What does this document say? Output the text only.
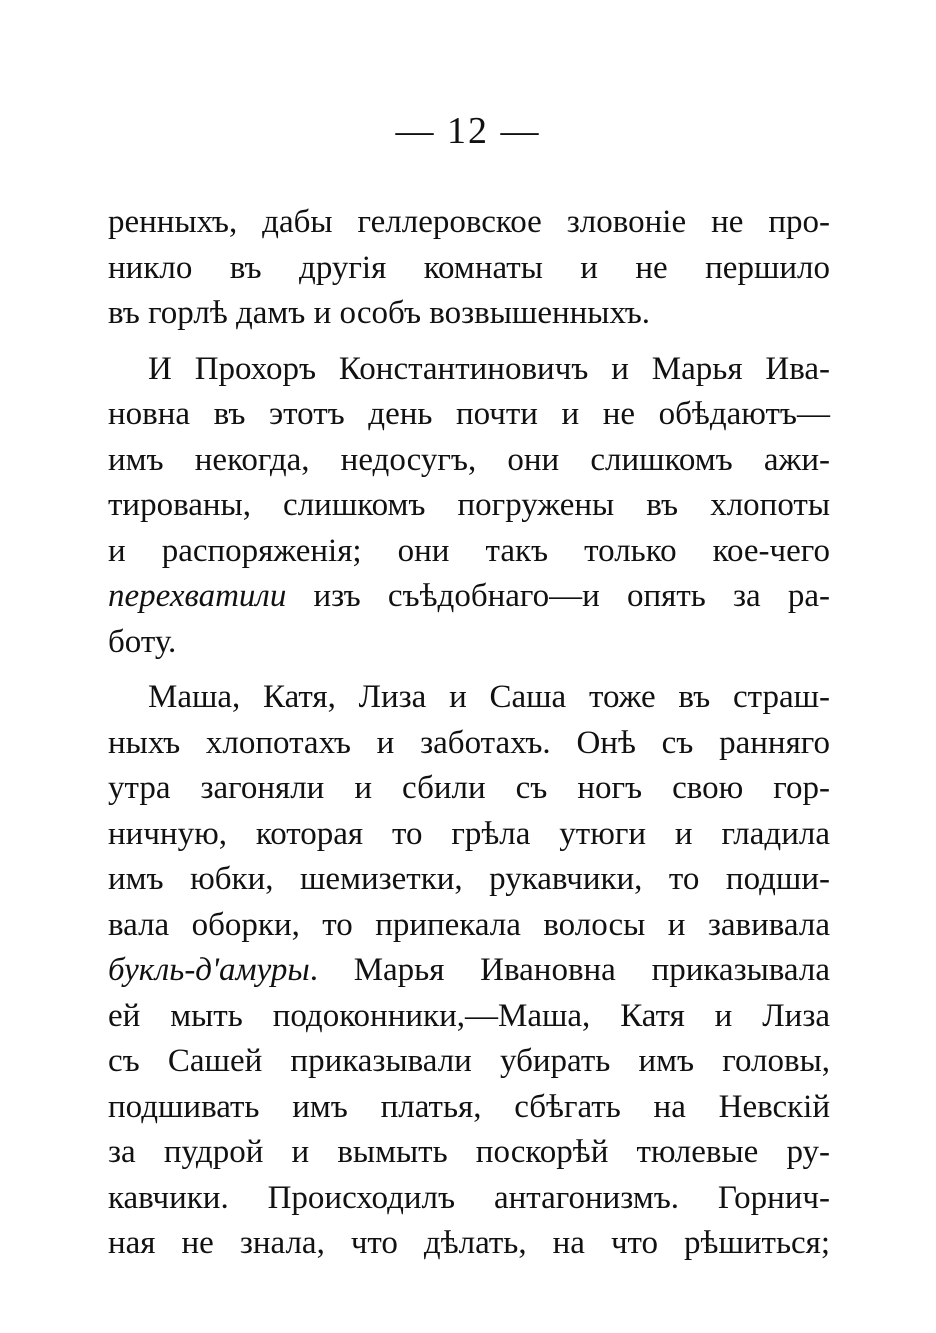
— 12 —
ренныхъ, дабы геллеровское зловоніе не про-
никло въ другія комнаты и не першило
въ горлѣ дамъ и особъ возвышенныхъ.
И Прохоръ Константиновичъ и Марья Ива-
новна въ этотъ день почти и не обѣдаютъ—
имъ некогда, недосугъ, они слишкомъ ажи-
тированы, слишкомъ погружены въ хлопоты
и распоряженія; они такъ только кое-чего
перехватили изъ съѣдобнаго—и опять за ра-
боту.
Маша, Катя, Лиза и Саша тоже въ страш-
ныхъ хлопотахъ и заботахъ. Онѣ съ ранняго
утра загоняли и сбили съ ногъ свою гор-
ничную, которая то грѣла утюги и гладила
имъ юбки, шемизетки, рукавчики, то подши-
вала оборки, то припекала волосы и завивала
букль-д'амуры. Марья Ивановна приказывала
ей мыть подоконники,—Маша, Катя и Лиза
съ Сашей приказывали убирать имъ головы,
подшивать имъ платья, сбѣгать на Невскій
за пудрой и вымыть поскорѣй тюлевые ру-
кавчики. Происходилъ антагонизмъ. Горнич-
ная не знала, что дѣлать, на что рѣшиться;
